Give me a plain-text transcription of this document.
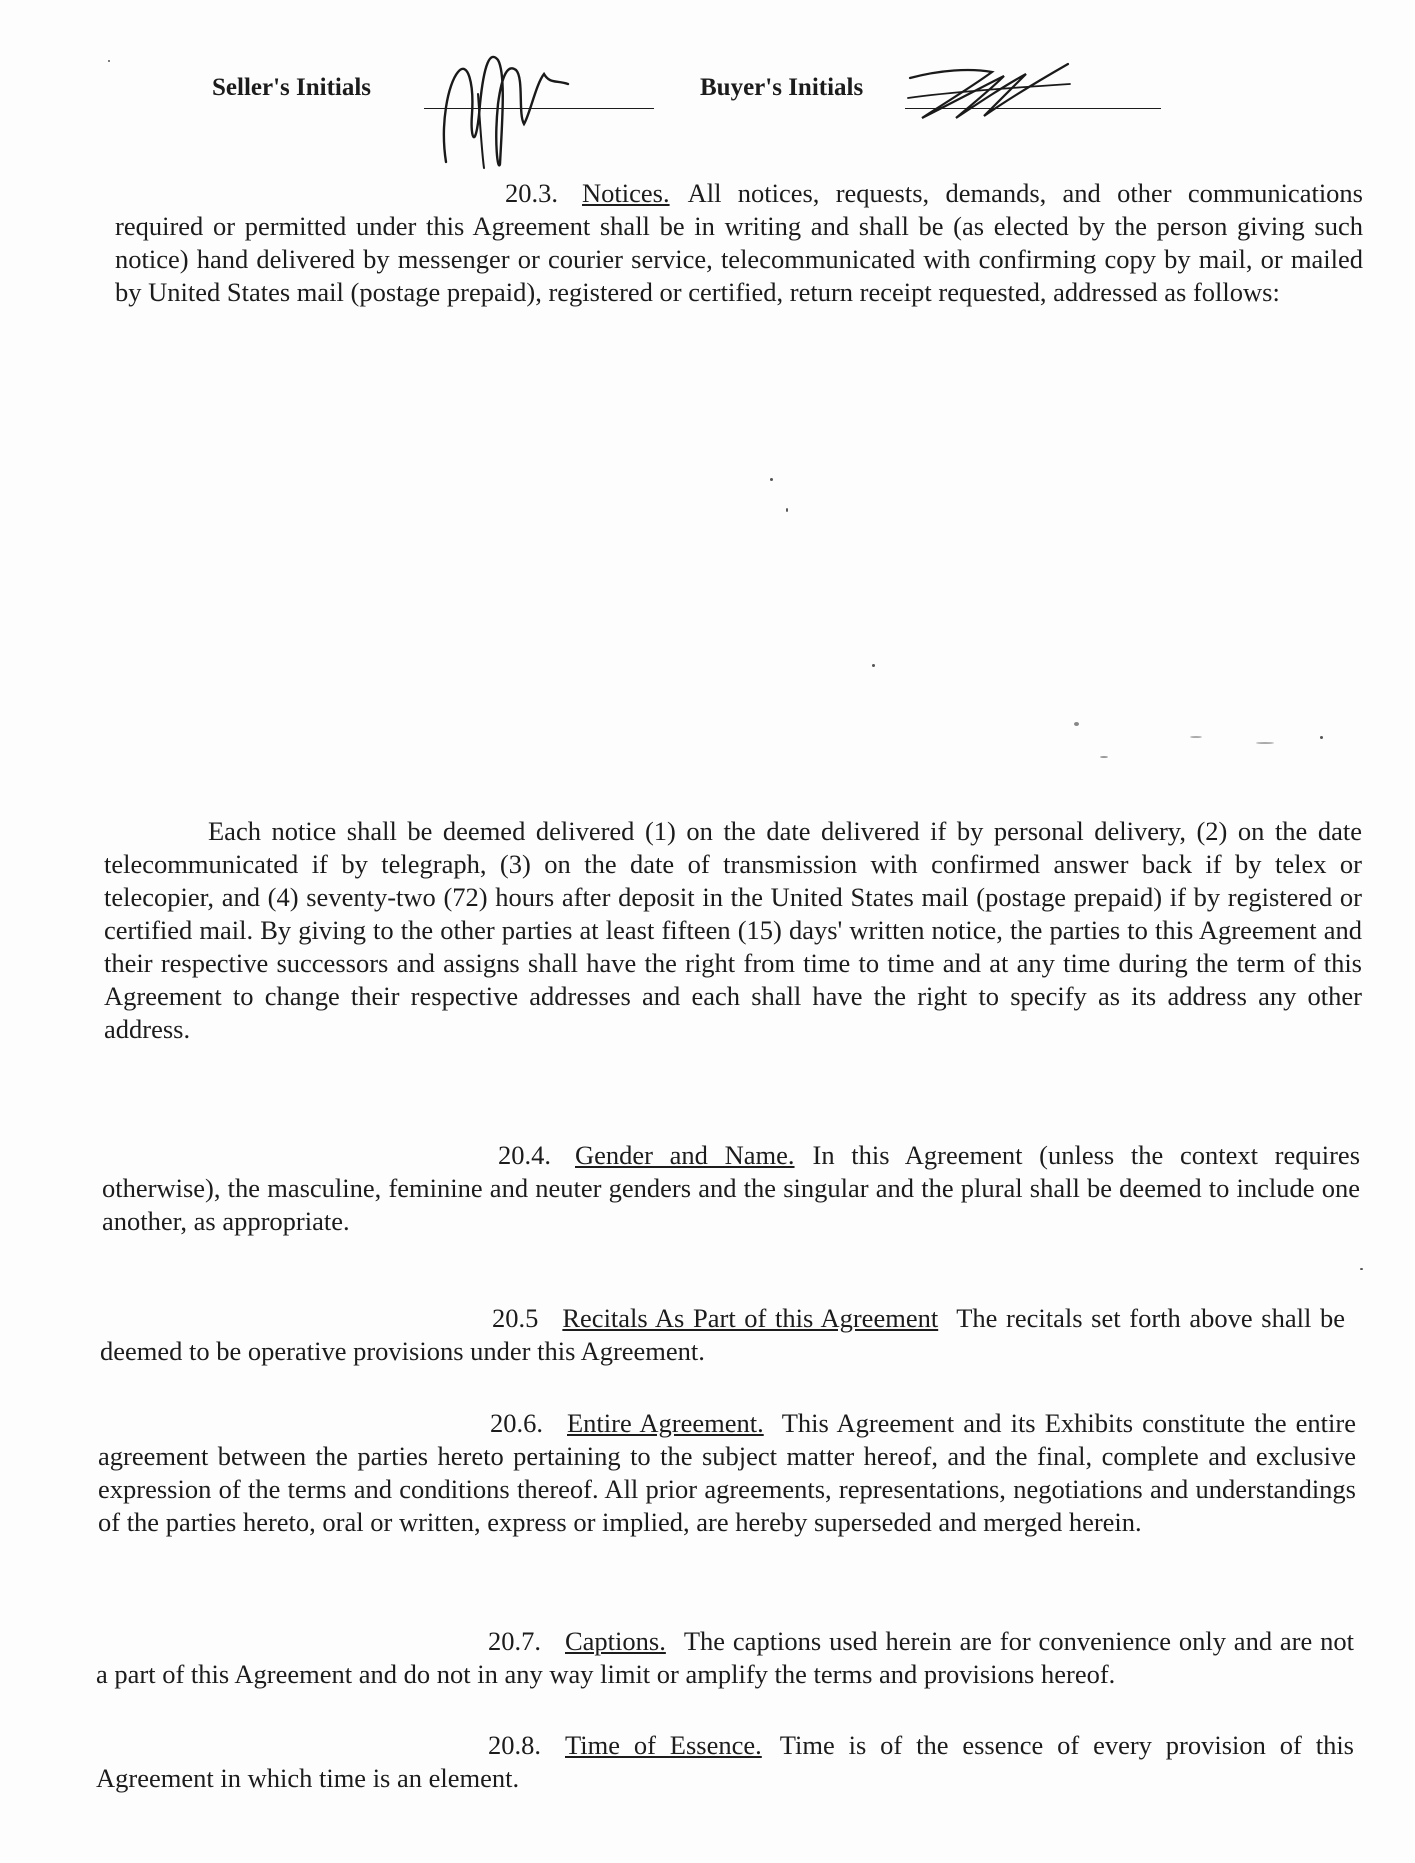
Seller's Initials	Buyer's Initials

20.3. Notices. All notices, requests, demands, and other communications required or permitted under this Agreement shall be in writing and shall be (as elected by the person giving such notice) hand delivered by messenger or courier service, telecommunicated with confirming copy by mail, or mailed by United States mail (postage prepaid), registered or certified, return receipt requested, addressed as follows:

Each notice shall be deemed delivered (1) on the date delivered if by personal delivery, (2) on the date telecommunicated if by telegraph, (3) on the date of transmission with confirmed answer back if by telex or telecopier, and (4) seventy-two (72) hours after deposit in the United States mail (postage prepaid) if by registered or certified mail. By giving to the other parties at least fifteen (15) days' written notice, the parties to this Agreement and their respective successors and assigns shall have the right from time to time and at any time during the term of this Agreement to change their respective addresses and each shall have the right to specify as its address any other address.

20.4. Gender and Name. In this Agreement (unless the context requires otherwise), the masculine, feminine and neuter genders and the singular and the plural shall be deemed to include one another, as appropriate.

20.5 Recitals As Part of this Agreement The recitals set forth above shall be deemed to be operative provisions under this Agreement.

20.6. Entire Agreement. This Agreement and its Exhibits constitute the entire agreement between the parties hereto pertaining to the subject matter hereof, and the final, complete and exclusive expression of the terms and conditions thereof. All prior agreements, representations, negotiations and understandings of the parties hereto, oral or written, express or implied, are hereby superseded and merged herein.

20.7. Captions. The captions used herein are for convenience only and are not a part of this Agreement and do not in any way limit or amplify the terms and provisions hereof.

20.8. Time of Essence. Time is of the essence of every provision of this Agreement in which time is an element.
